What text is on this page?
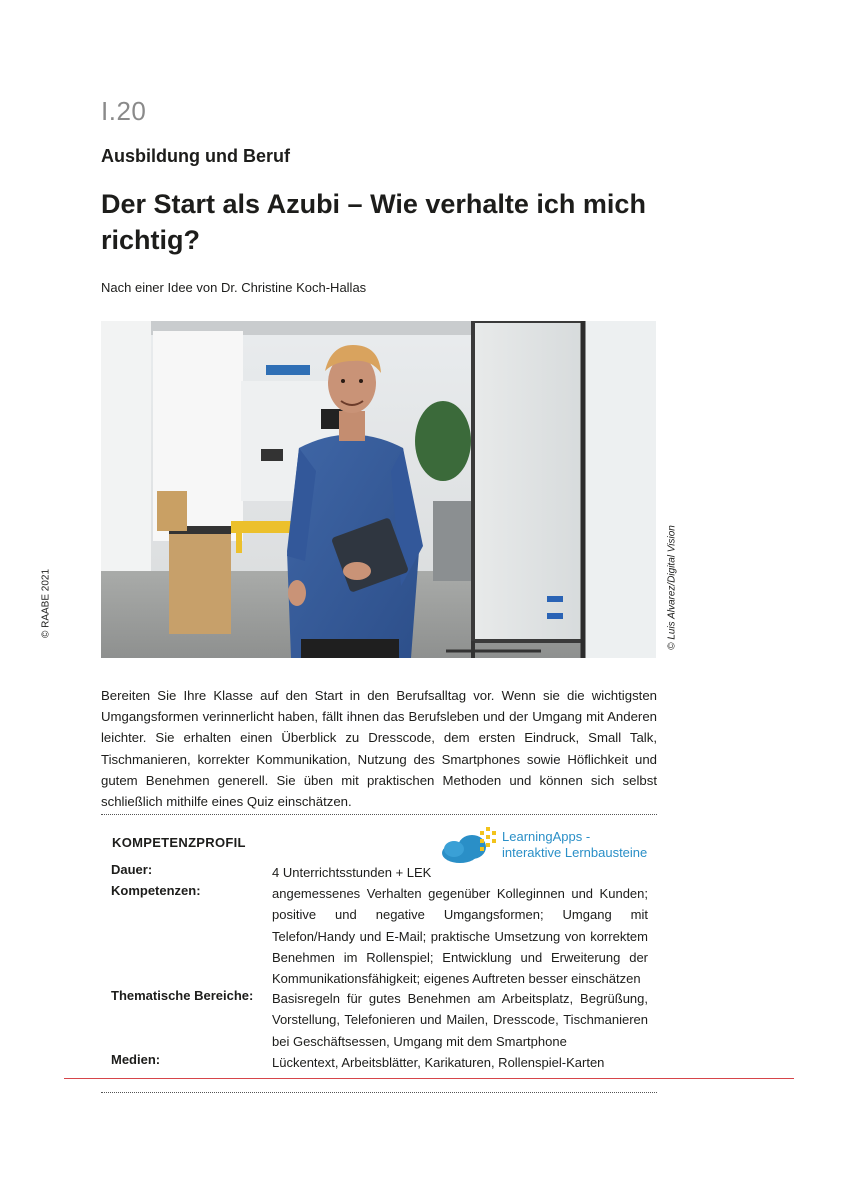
I.20
Ausbildung und Beruf
Der Start als Azubi – Wie verhalte ich mich richtig?
Nach einer Idee von Dr. Christine Koch-Hallas
© RAABE 2021	© Luis Alvarez/Digital Vision
Bereiten Sie Ihre Klasse auf den Start in den Berufsalltag vor. Wenn sie die wichtigsten Umgangsformen verinnerlicht haben, fällt ihnen das Berufsleben und der Umgang mit Anderen leichter. Sie erhalten einen Überblick zu Dresscode, dem ersten Eindruck, Small Talk, Tischmanieren, korrekter Kommunikation, Nutzung des Smartphones sowie Höflichkeit und gutem Benehmen generell. Sie üben mit praktischen Methoden und können sich selbst schließlich mithilfe eines Quiz einschätzen.
KOMPETENZPROFIL	LearningApps -
interaktive Lernbausteine
Dauer:	4 Unterrichtsstunden + LEK
Kompetenzen:	angemessenes Verhalten gegenüber Kolleginnen und Kunden; positive und negative Umgangsformen; Umgang mit Telefon/Handy und E-Mail; praktische Umsetzung von korrektem Benehmen im Rollenspiel; Entwicklung und Erweiterung der Kommunikationsfähigkeit; eigenes Auftreten besser einschätzen
Thematische Bereiche: Basisregeln für gutes Benehmen am Arbeitsplatz, Begrüßung, Vorstellung, Telefonieren und Mailen, Dresscode, Tischmanieren bei Geschäftsessen, Umgang mit dem Smartphone
Medien:	Lückentext, Arbeitsblätter, Karikaturen, Rollenspiel-Karten
